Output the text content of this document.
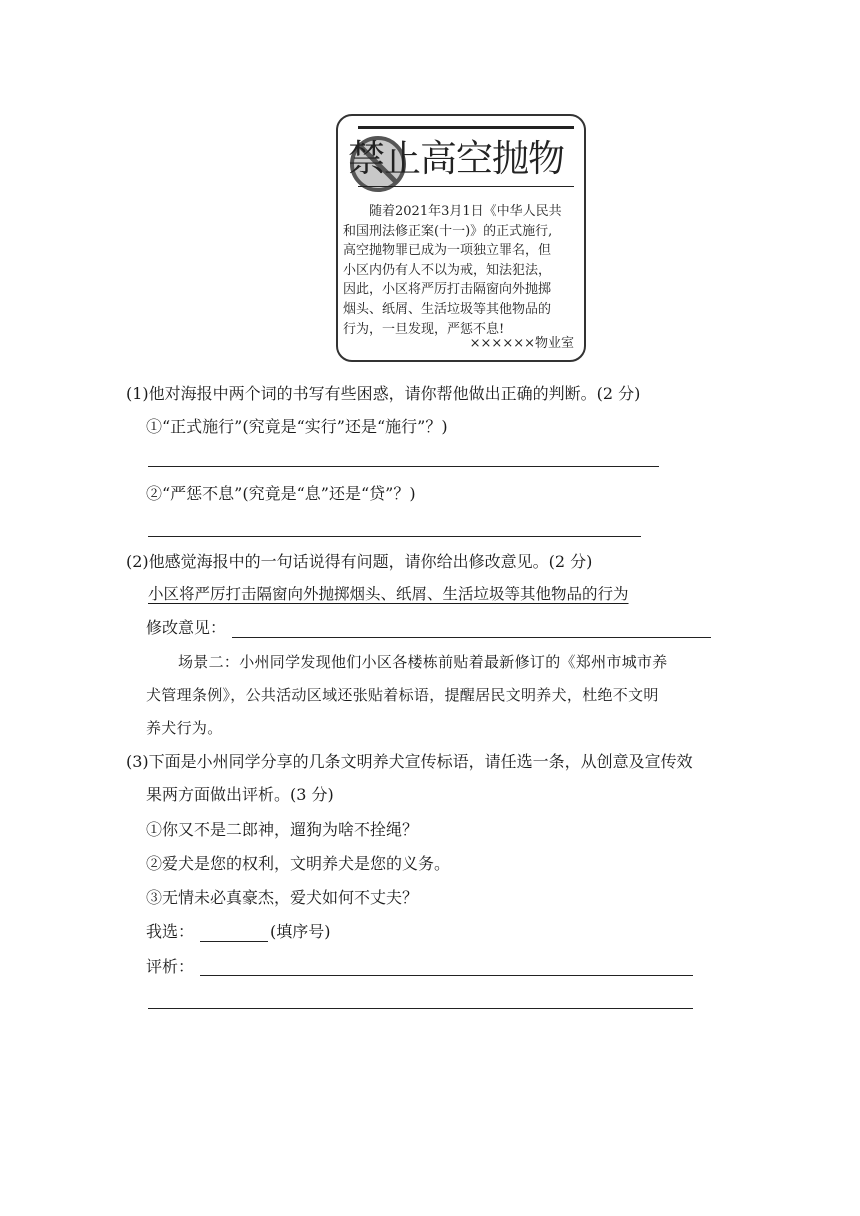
禁止高空抛物
随着2021年3月1日《中华人民共
和国刑法修正案(十一)》的正式施行,
高空抛物罪已成为一项独立罪名，但
小区内仍有人不以为戒，知法犯法，
因此，小区将严厉打击隔窗向外抛掷
烟头、纸屑、生活垃圾等其他物品的
行为，一旦发现，严惩不息!
××××××物业室
(1)他对海报中两个词的书写有些困惑，请你帮他做出正确的判断。(2 分)
①“正式施行”(究竟是“实行”还是“施行”？)
②“严惩不息”(究竟是“息”还是“贷”？)
(2)他感觉海报中的一句话说得有问题，请你给出修改意见。(2 分)
小区将严厉打击隔窗向外抛掷烟头、纸屑、生活垃圾等其他物品的行为
修改意见：
场景二：小州同学发现他们小区各楼栋前贴着最新修订的《郑州市城市养
犬管理条例》，公共活动区域还张贴着标语，提醒居民文明养犬，杜绝不文明
养犬行为。
(3)下面是小州同学分享的几条文明养犬宣传标语，请任选一条，从创意及宣传效
果两方面做出评析。(3 分)
①你又不是二郎神，遛狗为啥不拴绳？
②爱犬是您的权利，文明养犬是您的义务。
③无情未必真豪杰，爱犬如何不丈夫？
我选：	(填序号)
评析：
